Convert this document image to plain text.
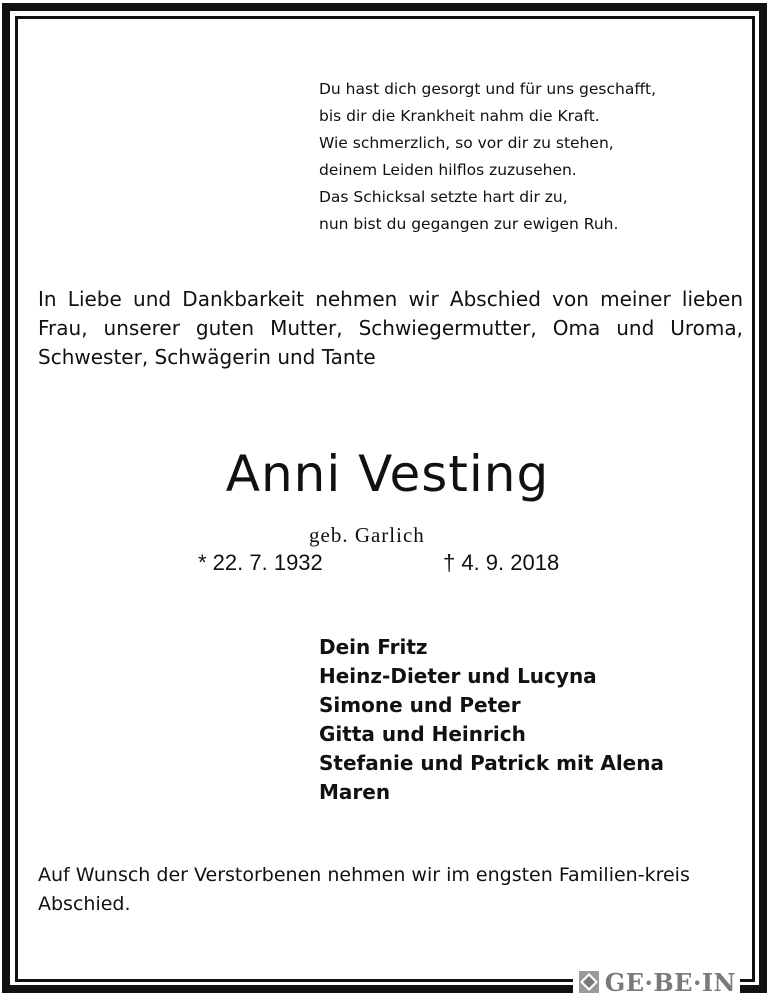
Du hast dich gesorgt und für uns geschafft,
bis dir die Krankheit nahm die Kraft.
Wie schmerzlich, so vor dir zu stehen,
deinem Leiden hilflos zuzusehen.
Das Schicksal setzte hart dir zu,
nun bist du gegangen zur ewigen Ruh.

In Liebe und Dankbarkeit nehmen wir Abschied von meiner lieben Frau, unserer guten Mutter, Schwiegermutter, Oma und Uroma, Schwester, Schwägerin und Tante

Anni Vesting
geb. Garlich
* 22. 7. 1932	† 4. 9. 2018
Dein Fritz
Heinz-Dieter und Lucyna
Simone und Peter
Gitta und Heinrich
Stefanie und Patrick mit Alena
Maren

Auf Wunsch der Verstorbenen nehmen wir im engsten Familien-kreis Abschied.

GE·BE·IN
